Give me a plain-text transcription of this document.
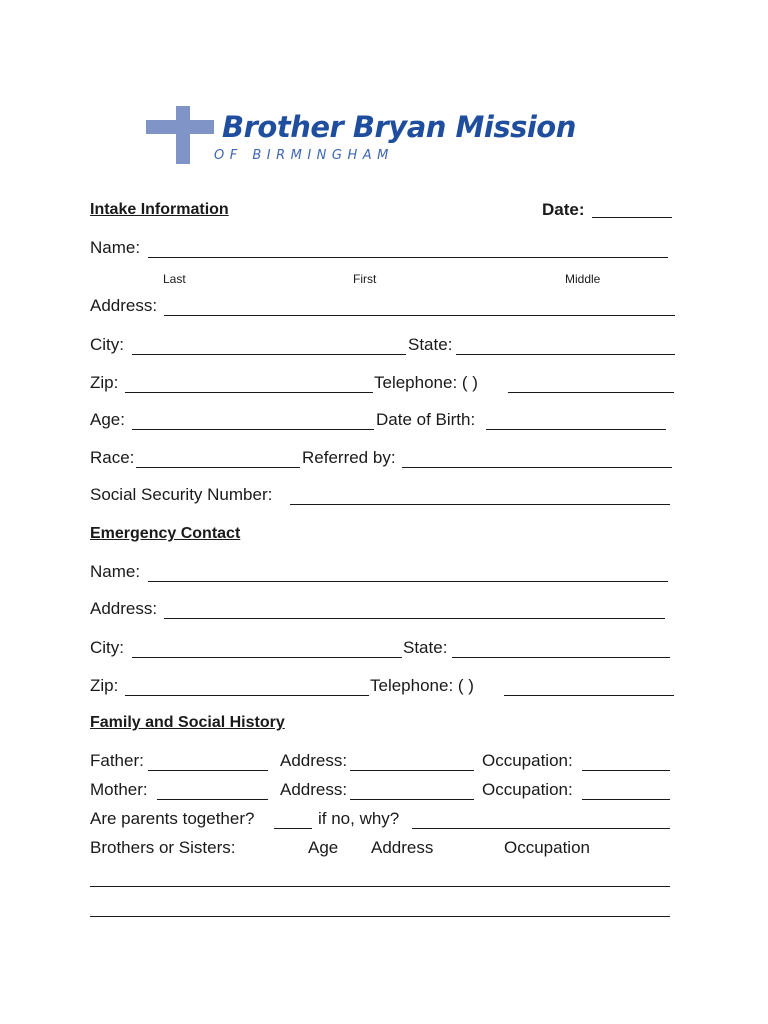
Brother Bryan Mission
OF BIRMINGHAM
Intake Information	Date:
Name:
Last	First	Middle
Address:
City:	State:
Zip:	Telephone: ( )
Age:	Date of Birth:
Race:	Referred by:
Social Security Number:
Emergency Contact
Name:
Address:
City:	State:
Zip:	Telephone: ( )
Family and Social History
Father:	Address:	Occupation:
Mother:	Address:	Occupation:
Are parents together?	if no, why?
Brothers or Sisters:	Age Address	Occupation
